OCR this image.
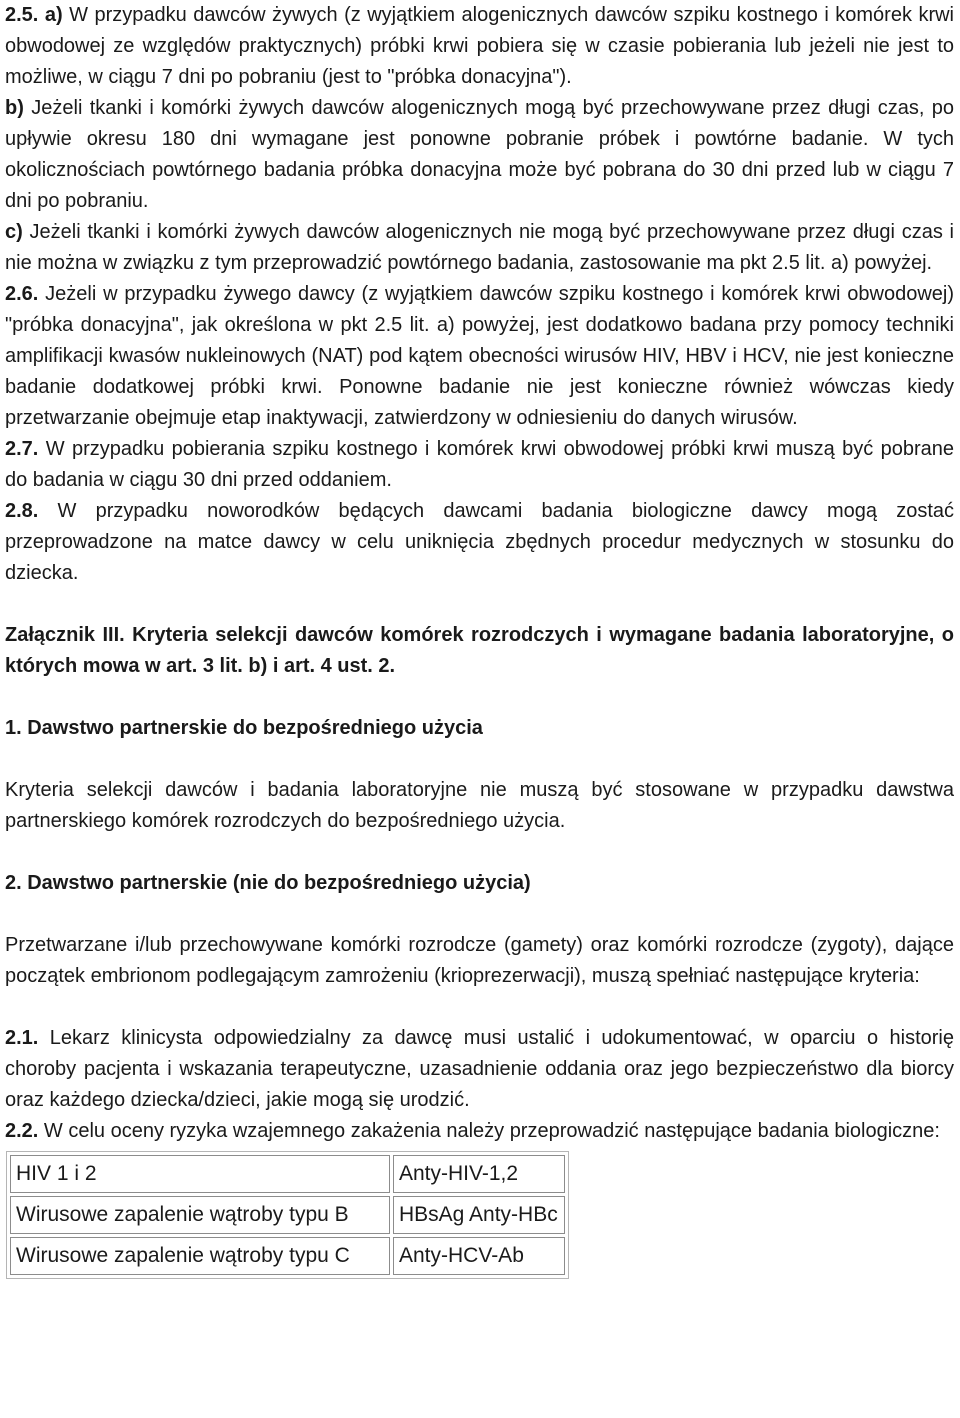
2.5. a) W przypadku dawców żywych (z wyjątkiem alogenicznych dawców szpiku kostnego i komórek krwi obwodowej ze względów praktycznych) próbki krwi pobiera się w czasie pobierania lub jeżeli nie jest to możliwe, w ciągu 7 dni po pobraniu (jest to "próbka donacyjna").

b) Jeżeli tkanki i komórki żywych dawców alogenicznych mogą być przechowywane przez długi czas, po upływie okresu 180 dni wymagane jest ponowne pobranie próbek i powtórne badanie. W tych okolicznościach powtórnego badania próbka donacyjna może być pobrana do 30 dni przed lub w ciągu 7 dni po pobraniu.

c) Jeżeli tkanki i komórki żywych dawców alogenicznych nie mogą być przechowywane przez długi czas i nie można w związku z tym przeprowadzić powtórnego badania, zastosowanie ma pkt 2.5 lit. a) powyżej.

2.6. Jeżeli w przypadku żywego dawcy (z wyjątkiem dawców szpiku kostnego i komórek krwi obwodowej) "próbka donacyjna", jak określona w pkt 2.5 lit. a) powyżej, jest dodatkowo badana przy pomocy techniki amplifikacji kwasów nukleinowych (NAT) pod kątem obecności wirusów HIV, HBV i HCV, nie jest konieczne badanie dodatkowej próbki krwi. Ponowne badanie nie jest konieczne również wówczas kiedy przetwarzanie obejmuje etap inaktywacji, zatwierdzony w odniesieniu do danych wirusów.

2.7. W przypadku pobierania szpiku kostnego i komórek krwi obwodowej próbki krwi muszą być pobrane do badania w ciągu 30 dni przed oddaniem.

2.8. W przypadku noworodków będących dawcami badania biologiczne dawcy mogą zostać przeprowadzone na matce dawcy w celu uniknięcia zbędnych procedur medycznych w stosunku do dziecka.

Załącznik III. Kryteria selekcji dawców komórek rozrodczych i wymagane badania laboratoryjne, o których mowa w art. 3 lit. b) i art. 4 ust. 2.

1. Dawstwo partnerskie do bezpośredniego użycia

Kryteria selekcji dawców i badania laboratoryjne nie muszą być stosowane w przypadku dawstwa partnerskiego komórek rozrodczych do bezpośredniego użycia.

2. Dawstwo partnerskie (nie do bezpośredniego użycia)

Przetwarzane i/lub przechowywane komórki rozrodcze (gamety) oraz komórki rozrodcze (zygoty), dające początek embrionom podlegającym zamrożeniu (krioprezerwacji), muszą spełniać następujące kryteria:

2.1. Lekarz klinicysta odpowiedzialny za dawcę musi ustalić i udokumentować, w oparciu o historię choroby pacjenta i wskazania terapeutyczne, uzasadnienie oddania oraz jego bezpieczeństwo dla biorcy oraz każdego dziecka/dzieci, jakie mogą się urodzić.

2.2. W celu oceny ryzyka wzajemnego zakażenia należy przeprowadzić następujące badania biologiczne:

HIV 1 i 2	Anty-HIV-1,2
Wirusowe zapalenie wątroby typu B	HBsAg Anty-HBc
Wirusowe zapalenie wątroby typu C	Anty-HCV-Ab
